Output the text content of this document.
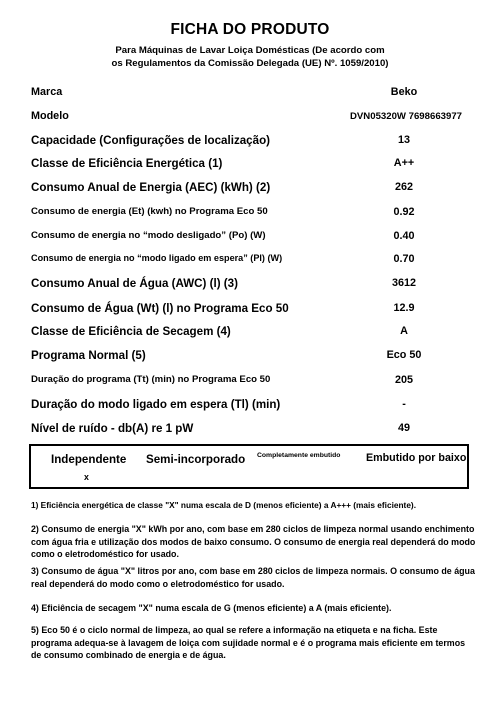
FICHA DO PRODUTO
Para Máquinas de Lavar Loiça Domésticas (De acordo com
os Regulamentos da Comissão Delegada (UE) Nº. 1059/2010)
Marca	Beko
Modelo	DVN05320W 7698663977
Capacidade (Configurações de localização)	13
Classe de Eficiência Energética (1)	A++
Consumo Anual de Energia (AEC) (kWh) (2)	262
Consumo de energia (Et) (kwh) no Programa Eco 50	0.92
Consumo de energia no “modo desligado” (Po) (W)	0.40
Consumo de energia no “modo ligado em espera” (Pl) (W)	0.70
Consumo Anual de Água (AWC) (l) (3)	3612
Consumo de Água (Wt) (l) no Programa Eco 50	12.9
Classe de Eficiência de Secagem (4)	A
Programa Normal (5)	Eco 50
Duração do programa (Tt) (min) no Programa Eco 50	205
Duração do modo ligado em espera (Tl) (min)	-
Nível de ruído - db(A) re 1 pW	49
Independente
x
Semi-incorporado Completamente embutido Embutido por baixo
1) Eficiência energética de classe "X" numa escala de D (menos eficiente) a A+++ (mais eficiente).
2) Consumo de energia "X" kWh por ano, com base em 280 ciclos de limpeza normal usando enchimento com água fria e utilização dos modos de baixo consumo. O consumo de energia real dependerá do modo como o eletrodoméstico for usado.
3) Consumo de água "X" litros por ano, com base em 280 ciclos de limpeza normais. O consumo de água real dependerá do modo como o eletrodoméstico for usado.
4) Eficiência de secagem "X" numa escala de G (menos eficiente) a A (mais eficiente).
5) Eco 50 é o ciclo normal de limpeza, ao qual se refere a informação na etiqueta e na ficha. Este programa adequa-se à lavagem de loiça com sujidade normal e é o programa mais eficiente em termos de consumo combinado de energia e de água.
